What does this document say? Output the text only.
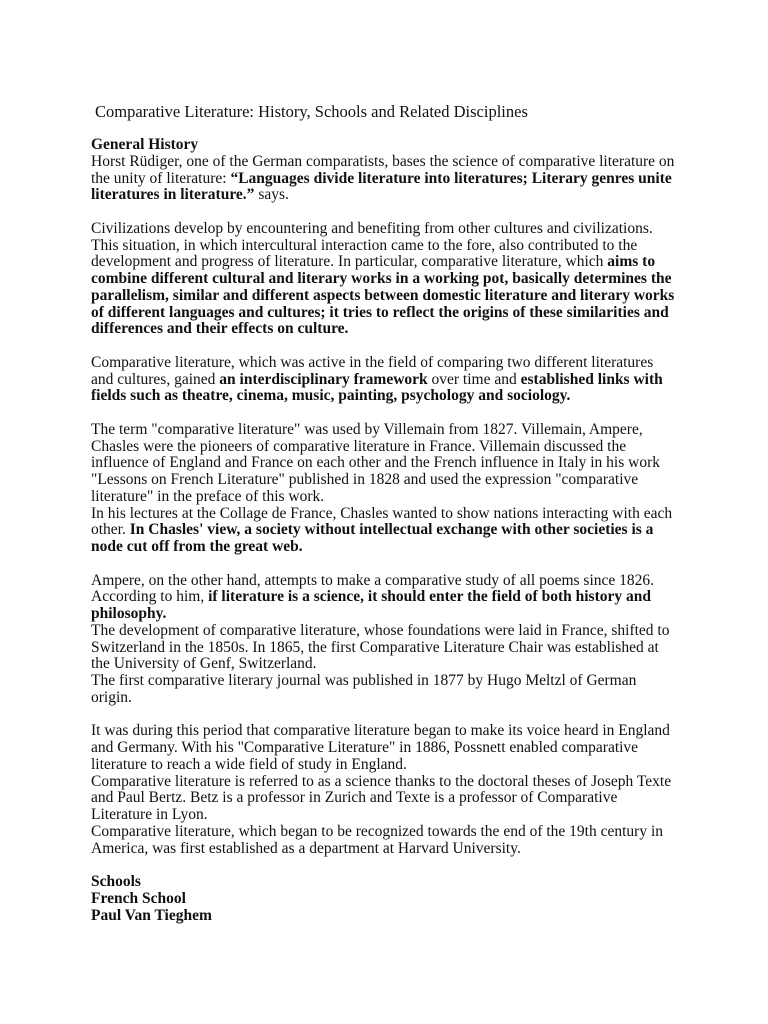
Comparative Literature: History, Schools and Related Disciplines
General History
Horst Rüdiger, one of the German comparatists, bases the science of comparative literature on
the unity of literature: “Languages divide literature into literatures; Literary genres unite
literatures in literature.” says.
Civilizations develop by encountering and benefiting from other cultures and civilizations.
This situation, in which intercultural interaction came to the fore, also contributed to the
development and progress of literature. In particular, comparative literature, which aims to
combine different cultural and literary works in a working pot, basically determines the
parallelism, similar and different aspects between domestic literature and literary works
of different languages and cultures; it tries to reflect the origins of these similarities and
differences and their effects on culture.
Comparative literature, which was active in the field of comparing two different literatures
and cultures, gained an interdisciplinary framework over time and established links with
fields such as theatre, cinema, music, painting, psychology and sociology.
The term "comparative literature" was used by Villemain from 1827. Villemain, Ampere,
Chasles were the pioneers of comparative literature in France. Villemain discussed the
influence of England and France on each other and the French influence in Italy in his work
"Lessons on French Literature" published in 1828 and used the expression "comparative
literature" in the preface of this work.
In his lectures at the Collage de France, Chasles wanted to show nations interacting with each
other. In Chasles' view, a society without intellectual exchange with other societies is a
node cut off from the great web.
Ampere, on the other hand, attempts to make a comparative study of all poems since 1826.
According to him, if literature is a science, it should enter the field of both history and
philosophy.
The development of comparative literature, whose foundations were laid in France, shifted to
Switzerland in the 1850s. In 1865, the first Comparative Literature Chair was established at
the University of Genf, Switzerland.
The first comparative literary journal was published in 1877 by Hugo Meltzl of German
origin.
It was during this period that comparative literature began to make its voice heard in England
and Germany. With his "Comparative Literature" in 1886, Possnett enabled comparative
literature to reach a wide field of study in England.
Comparative literature is referred to as a science thanks to the doctoral theses of Joseph Texte
and Paul Bertz. Betz is a professor in Zurich and Texte is a professor of Comparative
Literature in Lyon.
Comparative literature, which began to be recognized towards the end of the 19th century in
America, was first established as a department at Harvard University.
Schools
French School
Paul Van Tieghem
